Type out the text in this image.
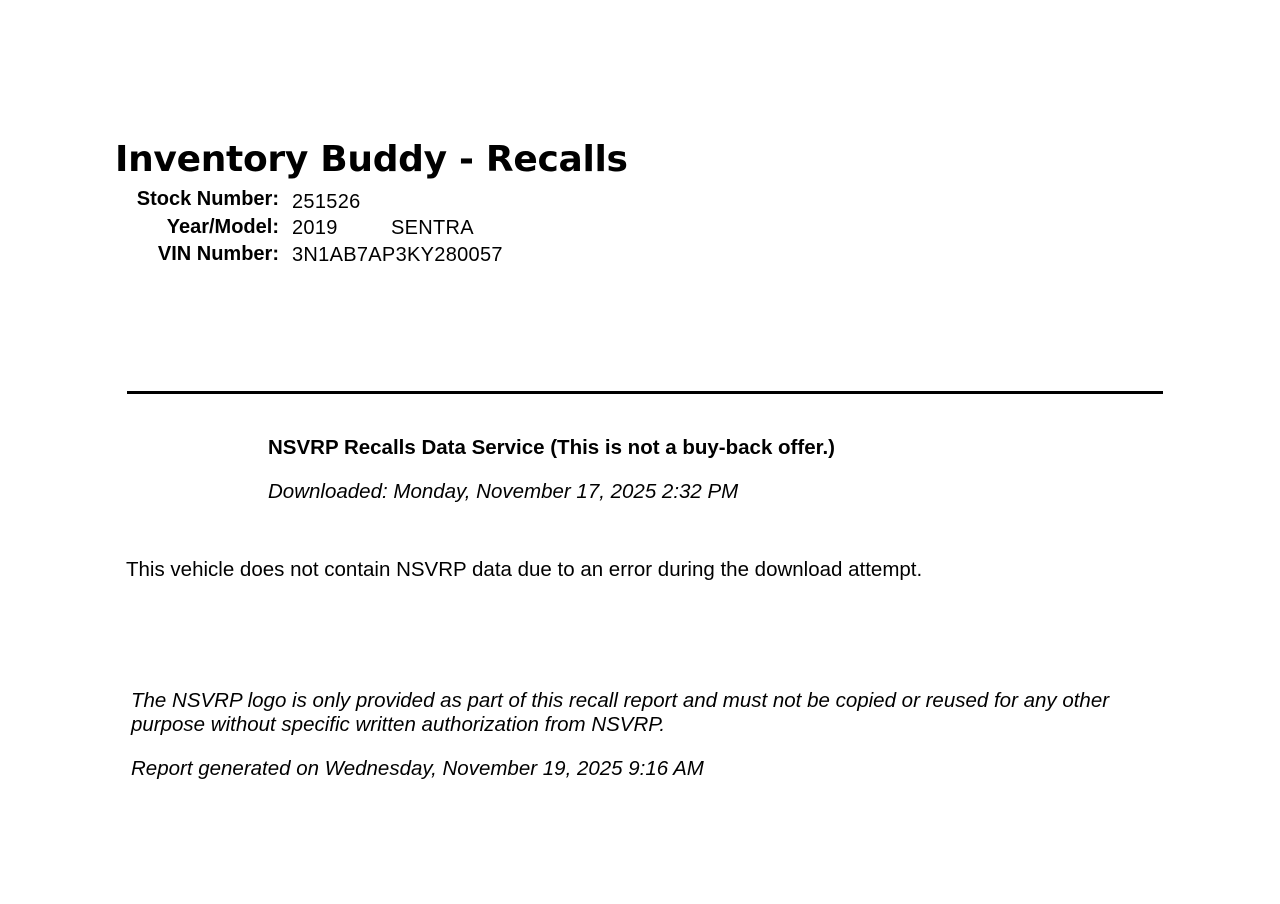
Inventory Buddy - Recalls
Stock Number: 251526
Year/Model: 2019	SENTRA
VIN Number: 3N1AB7AP3KY280057
NSVRP Recalls Data Service (This is not a buy-back offer.)
Downloaded: Monday, November 17, 2025 2:32 PM
This vehicle does not contain NSVRP data due to an error during the download attempt.
The NSVRP logo is only provided as part of this recall report and must not be copied or reused for any other purpose without specific written authorization from NSVRP.
Report generated on Wednesday, November 19, 2025 9:16 AM
